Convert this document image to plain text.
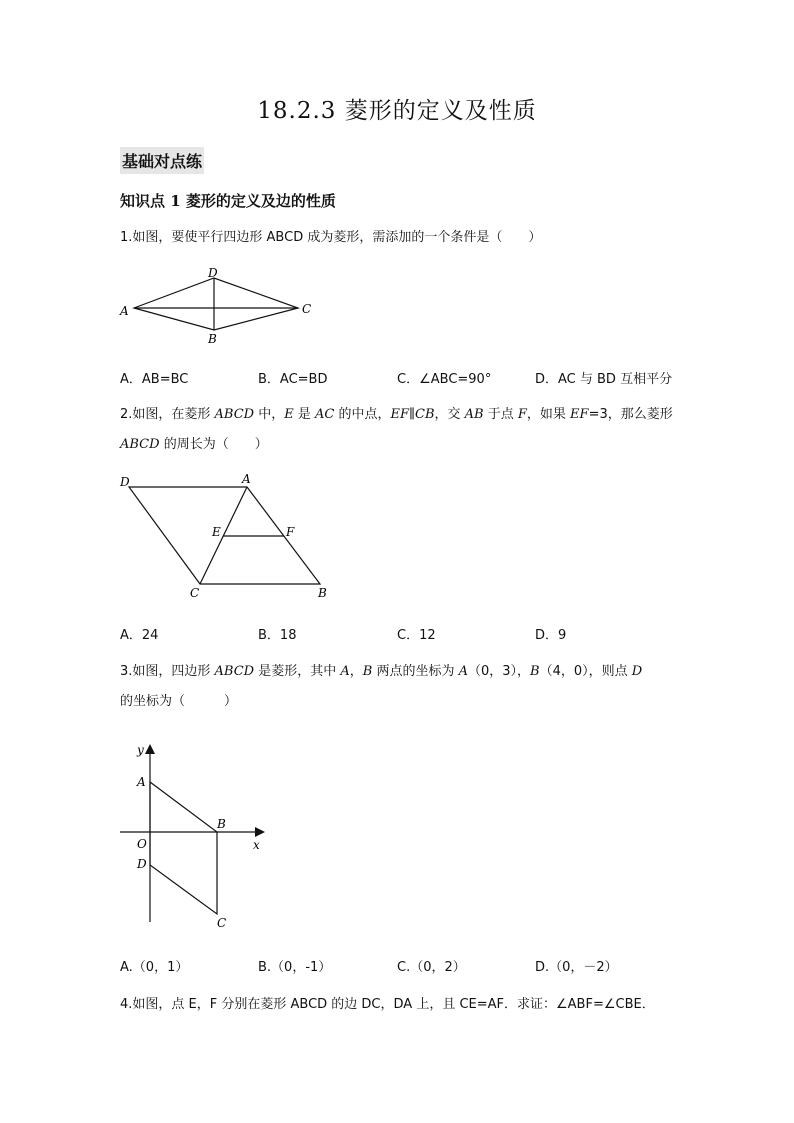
18.2.3 菱形的定义及性质
基础对点练
知识点 1 菱形的定义及边的性质
1.如图，要使平行四边形 ABCD 成为菱形，需添加的一个条件是（　　）
A
D
C
B
A．AB=BC	B．AC=BD	C．∠ABC=90°	D．AC 与 BD 互相平分
2.如图，在菱形 ABCD 中，E 是 AC 的中点，EF∥CB，交 AB 于点 F，如果 EF=3，那么菱形
ABCD 的周长为（　　）
D	A
E	F
C	B
A．24	B．18	C．12	D．9
3.如图，四边形 ABCD 是菱形，其中 A，B 两点的坐标为 A（0，3），B（4，0），则点 D
的坐标为（　　　）
y
x
A
B
O
D
C
A.（0，1）	B.（0，-1）	C.（0，2）	D.（0，－2）
4.如图，点 E，F 分别在菱形 ABCD 的边 DC，DA 上，且 CE=AF．求证：∠ABF=∠CBE．
